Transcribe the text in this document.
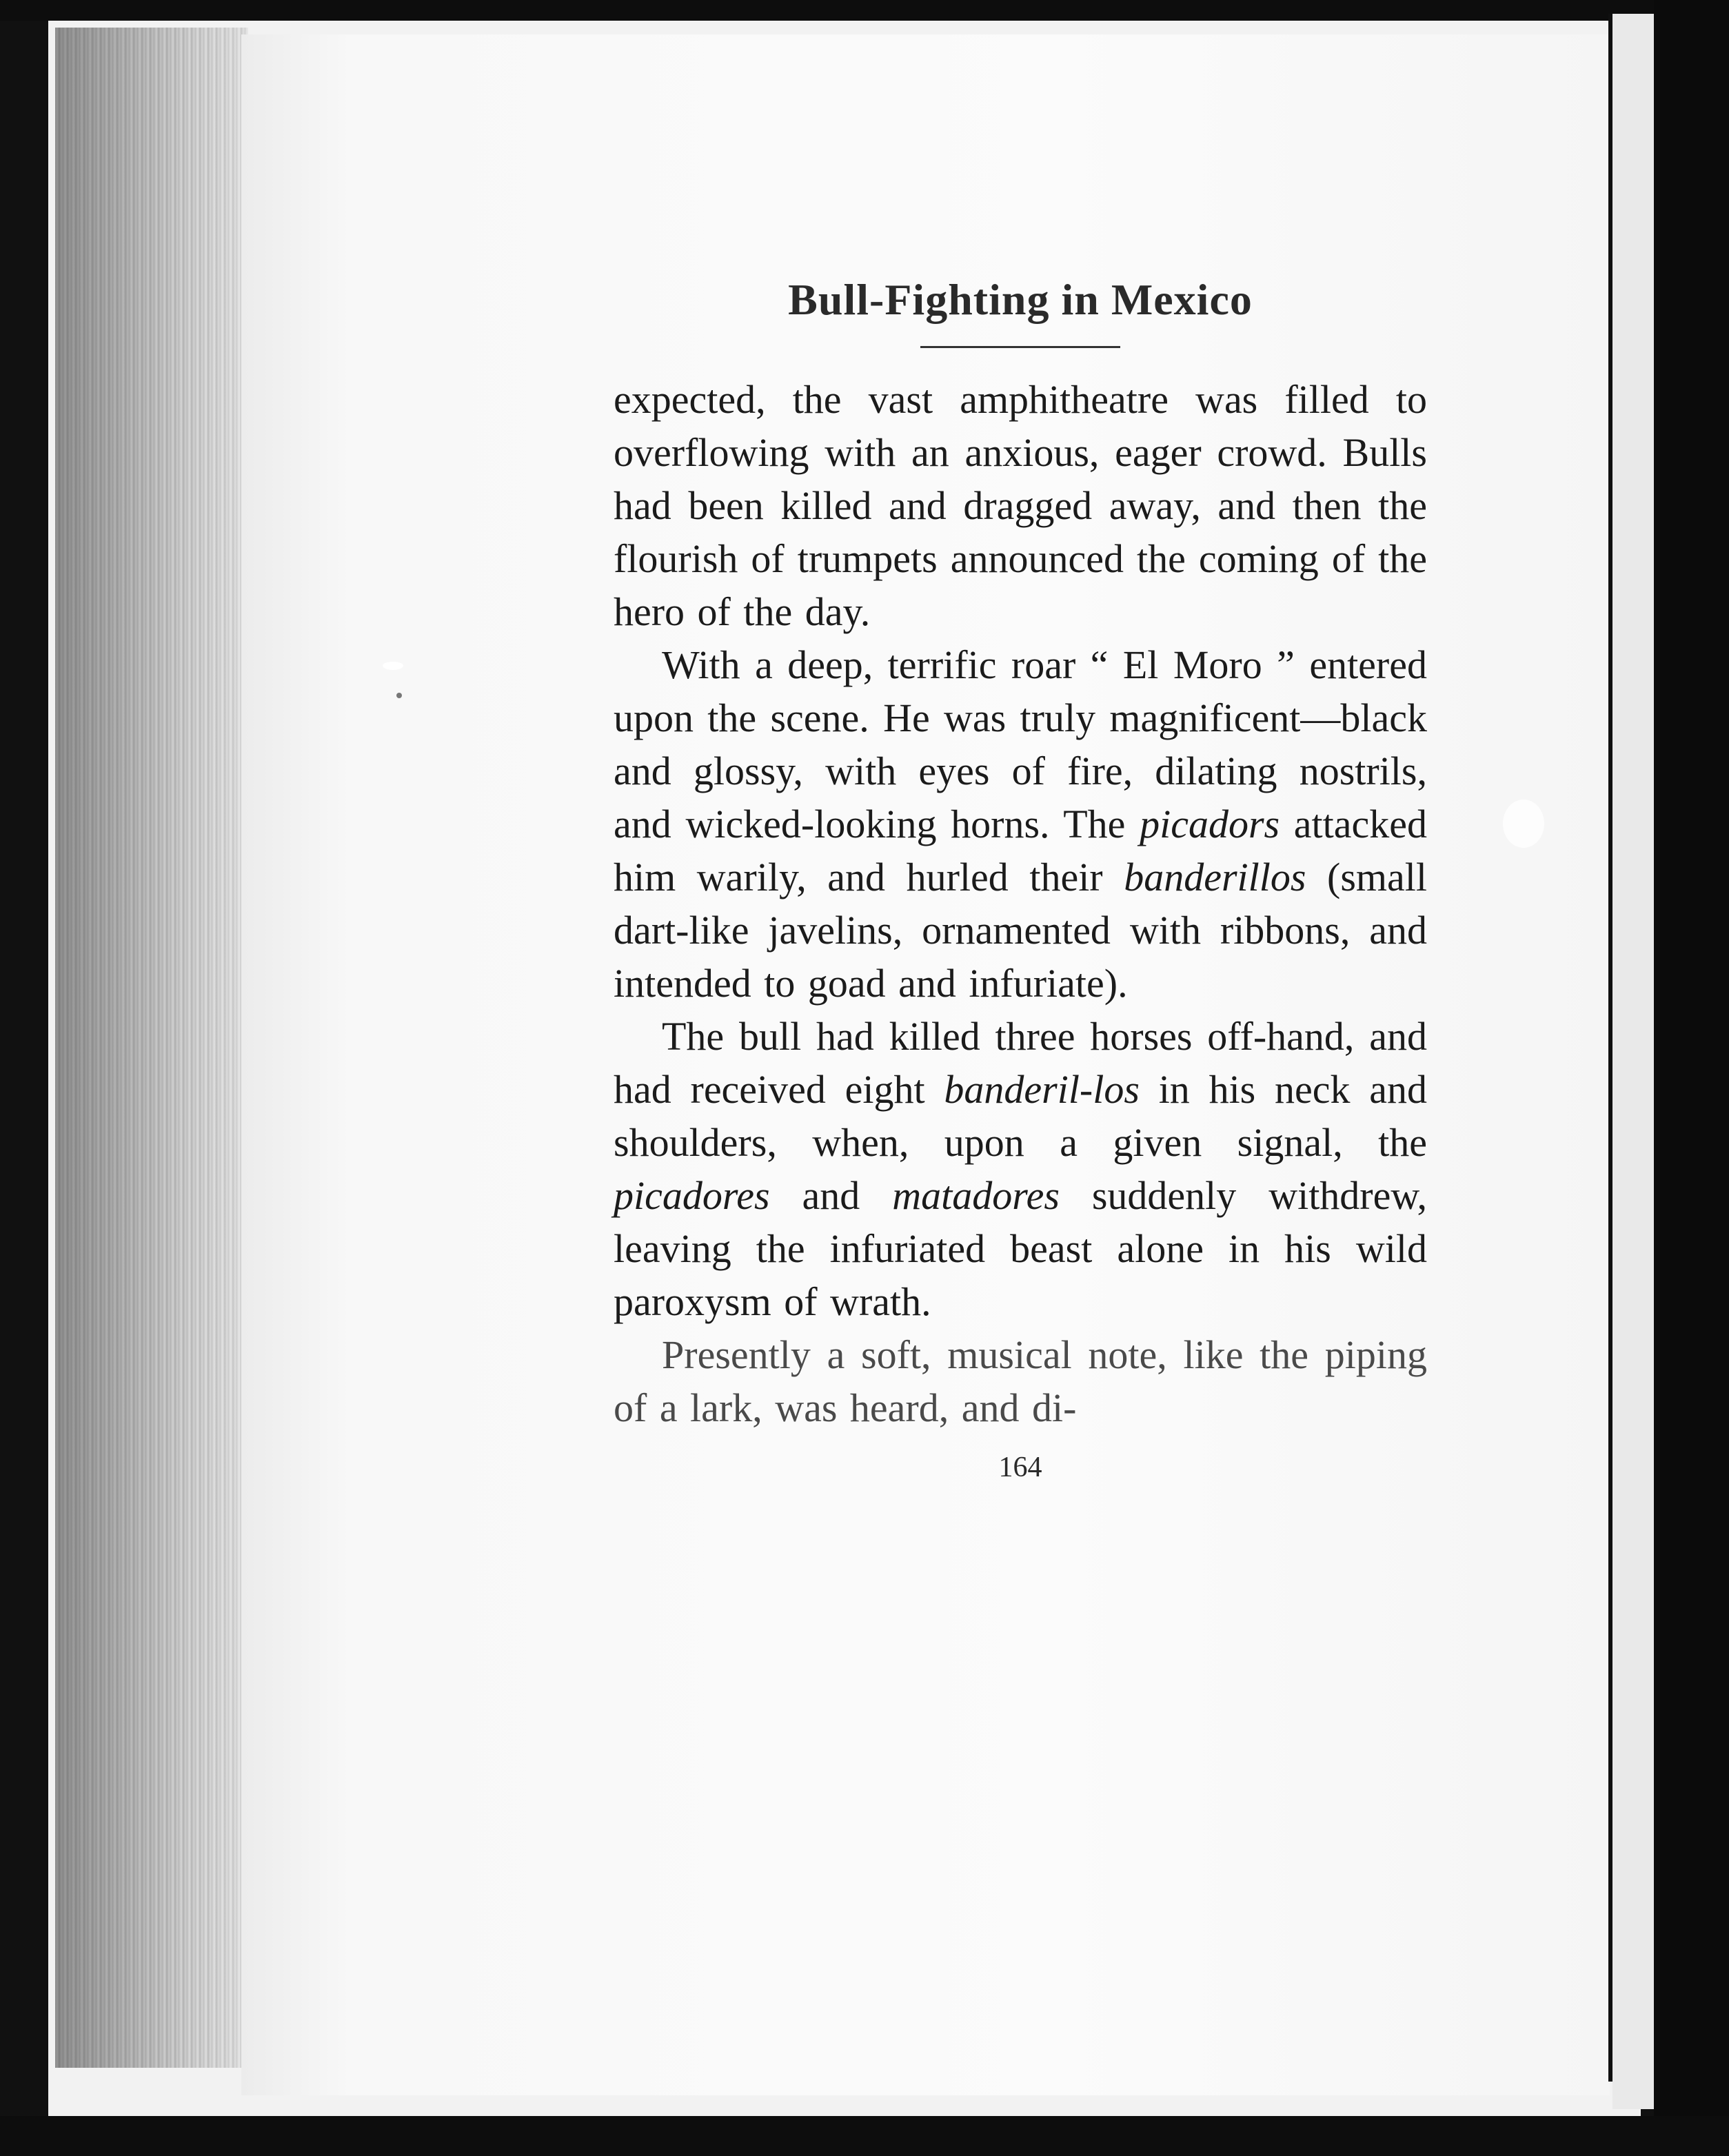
Bull-Fighting in Mexico

expected, the vast amphitheatre was filled to overflowing with an anxious, eager crowd. Bulls had been killed and dragged away, and then the flourish of trumpets announced the coming of the hero of the day.

With a deep, terrific roar “ El Moro ” entered upon the scene. He was truly magnificent—black and glossy, with eyes of fire, dilating nostrils, and wicked-looking horns. The picadors attacked him warily, and hurled their banderillos (small dart-like javelins, ornamented with ribbons, and intended to goad and infuriate).

The bull had killed three horses off-hand, and had received eight banderil-los in his neck and shoulders, when, upon a given signal, the picadores and matadores suddenly withdrew, leaving the infuriated beast alone in his wild paroxysm of wrath.

Presently a soft, musical note, like the piping of a lark, was heard, and di-

164
